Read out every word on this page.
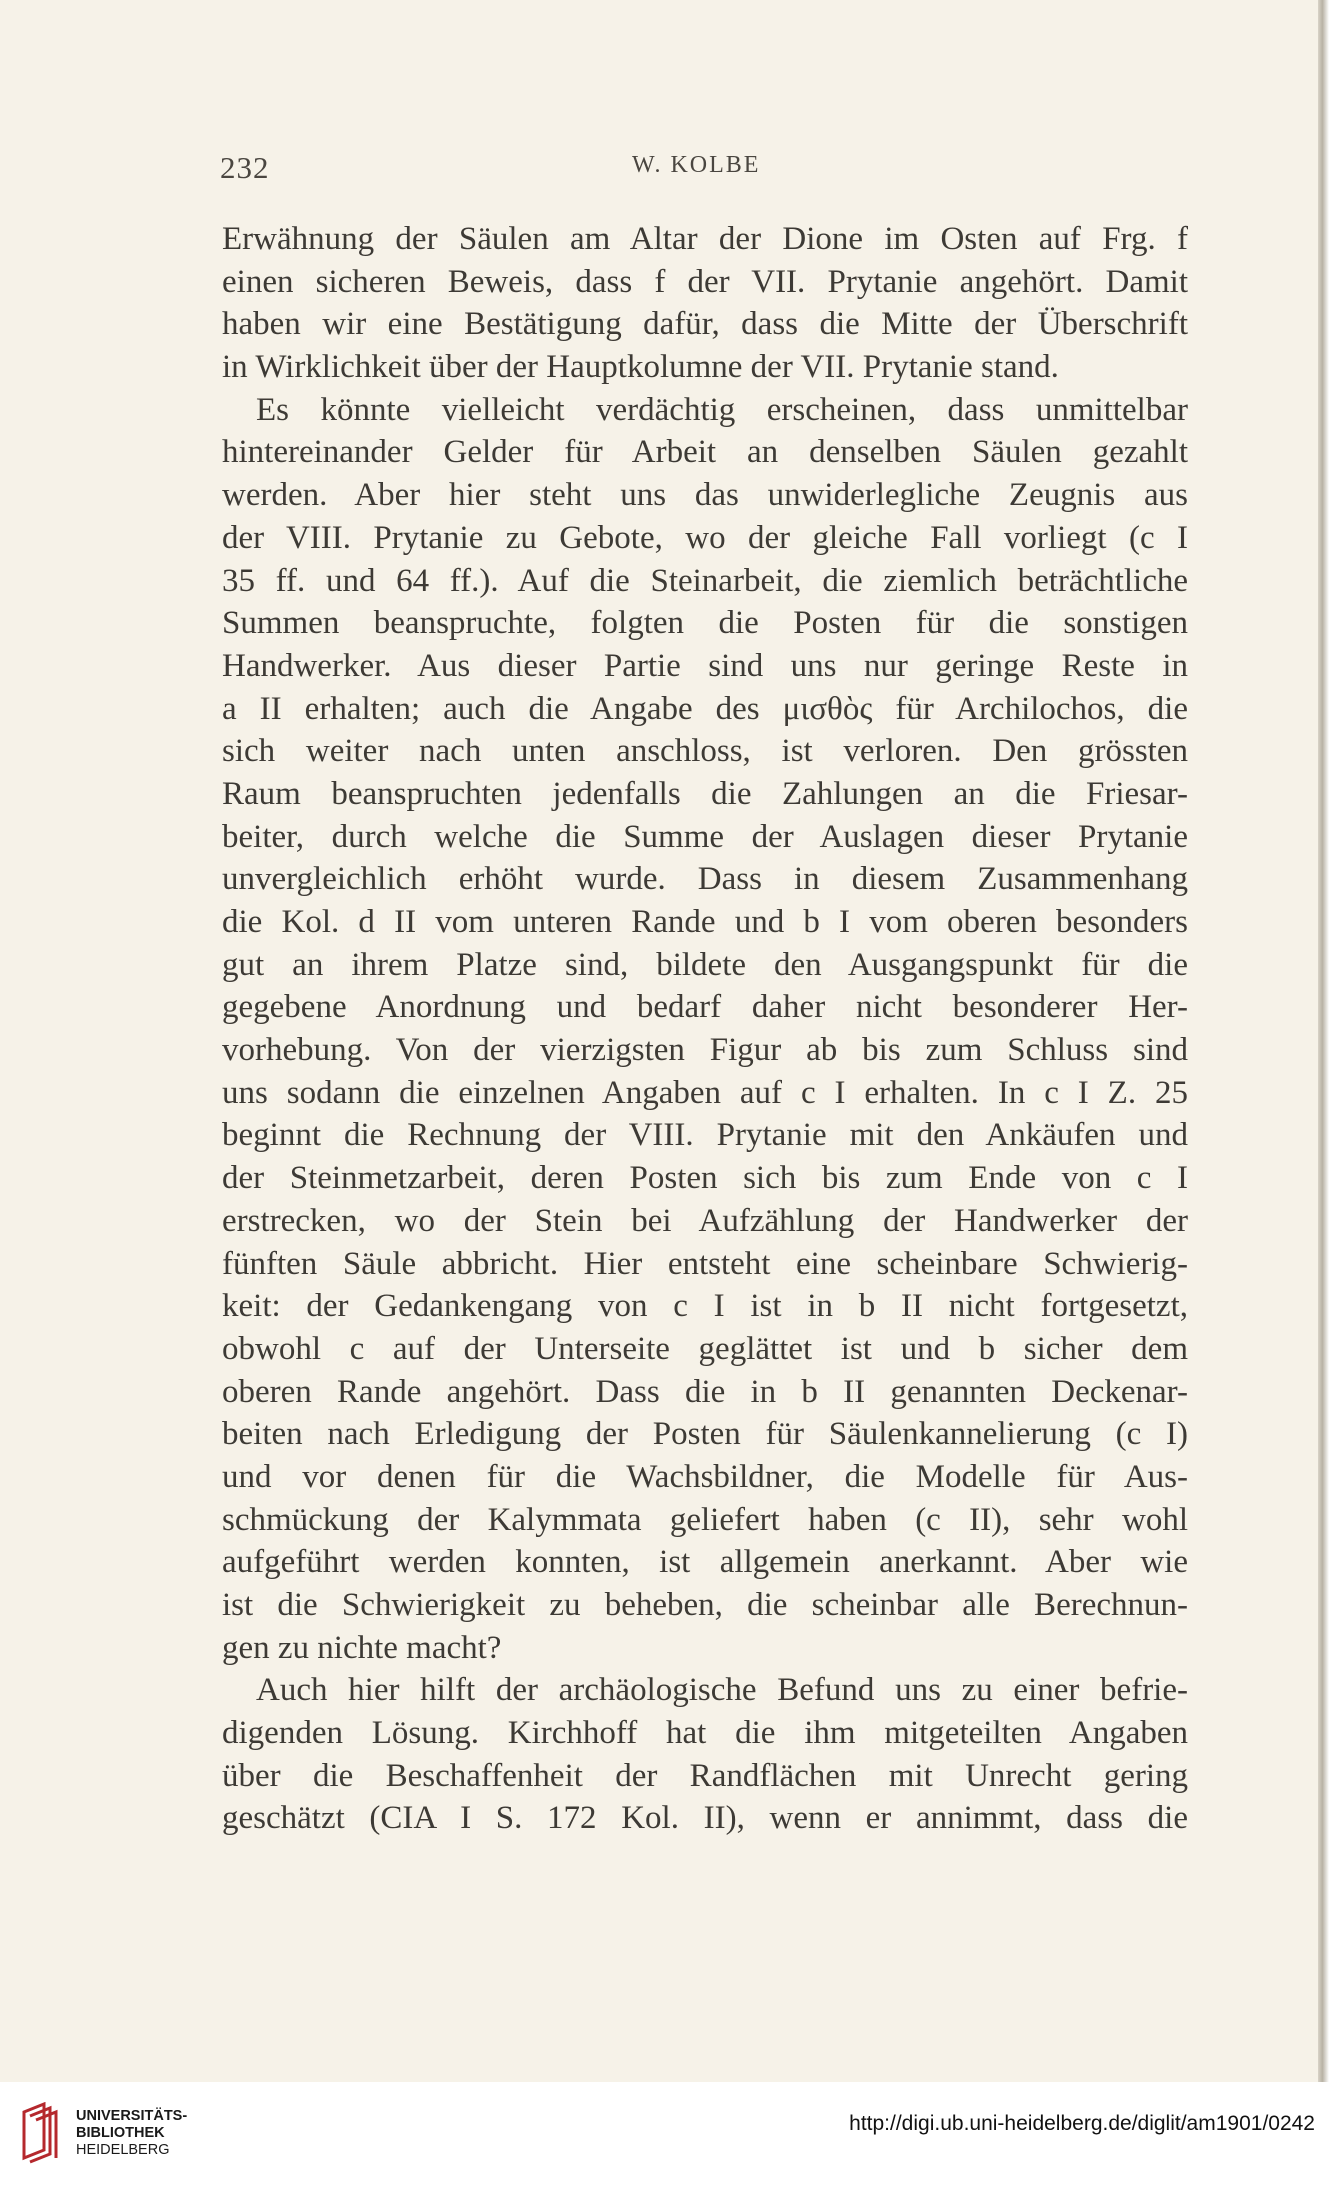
232	W. KOLBE
Erwähnung der Säulen am Altar der Dione im Osten auf Frg. f
einen sicheren Beweis, dass f der VII. Prytanie angehört. Damit
haben wir eine Bestätigung dafür, dass die Mitte der Überschrift
in Wirklichkeit über der Hauptkolumne der VII. Prytanie stand.
Es könnte vielleicht verdächtig erscheinen, dass unmittelbar
hintereinander Gelder für Arbeit an denselben Säulen gezahlt
werden. Aber hier steht uns das unwiderlegliche Zeugnis aus
der VIII. Prytanie zu Gebote, wo der gleiche Fall vorliegt (c I
35 ff. und 64 ff.). Auf die Steinarbeit, die ziemlich beträchtliche
Summen beanspruchte, folgten die Posten für die sonstigen
Handwerker. Aus dieser Partie sind uns nur geringe Reste in
a II erhalten; auch die Angabe des μισθὸς für Archilochos, die
sich weiter nach unten anschloss, ist verloren. Den grössten
Raum beanspruchten jedenfalls die Zahlungen an die Friesar-
beiter, durch welche die Summe der Auslagen dieser Prytanie
unvergleichlich erhöht wurde. Dass in diesem Zusammenhang
die Kol. d II vom unteren Rande und b I vom oberen besonders
gut an ihrem Platze sind, bildete den Ausgangspunkt für die
gegebene Anordnung und bedarf daher nicht besonderer Her-
vorhebung. Von der vierzigsten Figur ab bis zum Schluss sind
uns sodann die einzelnen Angaben auf c I erhalten. In c I Z. 25
beginnt die Rechnung der VIII. Prytanie mit den Ankäufen und
der Steinmetzarbeit, deren Posten sich bis zum Ende von c I
erstrecken, wo der Stein bei Aufzählung der Handwerker der
fünften Säule abbricht. Hier entsteht eine scheinbare Schwierig-
keit: der Gedankengang von c I ist in b II nicht fortgesetzt,
obwohl c auf der Unterseite geglättet ist und b sicher dem
oberen Rande angehört. Dass die in b II genannten Deckenar-
beiten nach Erledigung der Posten für Säulenkannelierung (c I)
und vor denen für die Wachsbildner, die Modelle für Aus-
schmückung der Kalymmata geliefert haben (c II), sehr wohl
aufgeführt werden konnten, ist allgemein anerkannt. Aber wie
ist die Schwierigkeit zu beheben, die scheinbar alle Berechnun-
gen zu nichte macht?
Auch hier hilft der archäologische Befund uns zu einer befrie-
digenden Lösung. Kirchhoff hat die ihm mitgeteilten Angaben
über die Beschaffenheit der Randflächen mit Unrecht gering
geschätzt (CIA I S. 172 Kol. II), wenn er annimmt, dass die
UNIVERSITÄTS-
BIBLIOTHEK
HEIDELBERG
http://digi.ub.uni-heidelberg.de/diglit/am1901/0242
